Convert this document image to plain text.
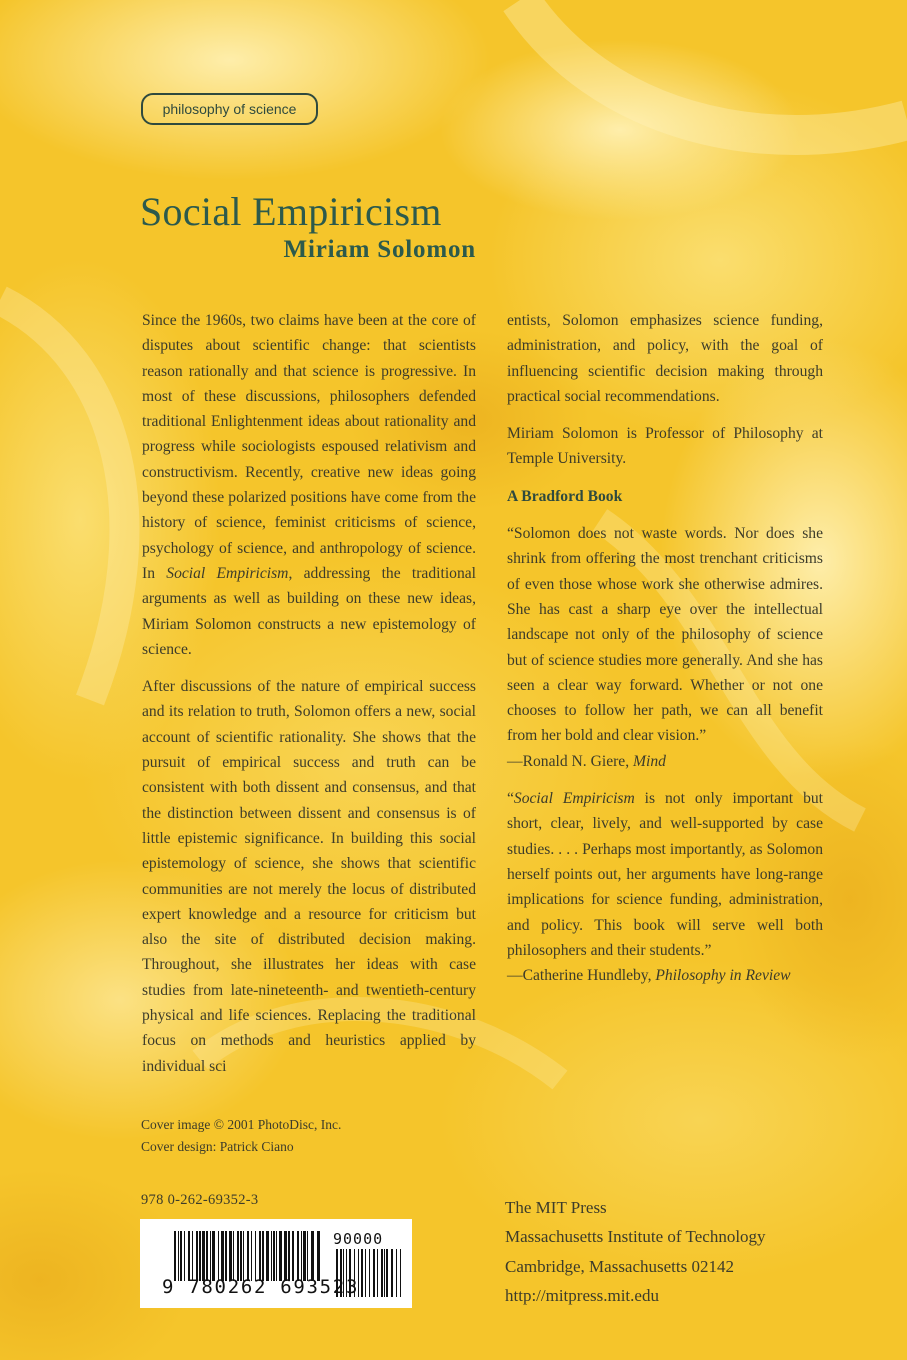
philosophy of science
Social Empiricism
Miriam Solomon

Since the 1960s, two claims have been at the core of disputes about scientific change: that scientists reason rationally and that science is progressive. In most of these discussions, philosophers defended traditional Enlightenment ideas about rationality and progress while sociologists espoused relativism and constructivism. Recently, creative new ideas going beyond these polarized positions have come from the history of science, feminist criticisms of science, psychology of science, and anthropology of science. In Social Empiricism, addressing the traditional arguments as well as building on these new ideas, Miriam Solomon constructs a new epistemology of science.

After discussions of the nature of empirical success and its relation to truth, Solomon offers a new, social account of scientific rationality. She shows that the pursuit of empirical success and truth can be consistent with both dissent and consensus, and that the distinction between dissent and consensus is of little epistemic significance. In building this social epistemology of science, she shows that scientific communities are not merely the locus of distributed expert knowledge and a resource for criticism but also the site of distributed decision making. Throughout, she illustrates her ideas with case studies from late-nineteenth- and twentieth-century physical and life sciences. Replacing the traditional focus on methods and heuristics applied by individual sci

entists, Solomon emphasizes science funding, administration, and policy, with the goal of influencing scientific decision making through practical social recommendations.

Miriam Solomon is Professor of Philosophy at Temple University.

A Bradford Book

“Solomon does not waste words. Nor does she shrink from offering the most trenchant criticisms of even those whose work she otherwise admires. She has cast a sharp eye over the intellectual landscape not only of the philosophy of science but of science studies more generally. And she has seen a clear way forward. Whether or not one chooses to follow her path, we can all benefit from her bold and clear vision.”
—Ronald N. Giere, Mind

“Social Empiricism is not only important but short, clear, lively, and well-supported by case studies. . . . Perhaps most importantly, as Solomon herself points out, her arguments have long-range implications for science funding, administration, and policy. This book will serve well both philosophers and their students.”
—Catherine Hundleby, Philosophy in Review

Cover image © 2001 PhotoDisc, Inc.
Cover design: Patrick Ciano
978 0-262-69352-3
9 780262 693523
90000
The MIT Press
Massachusetts Institute of Technology
Cambridge, Massachusetts 02142
http://mitpress.mit.edu
